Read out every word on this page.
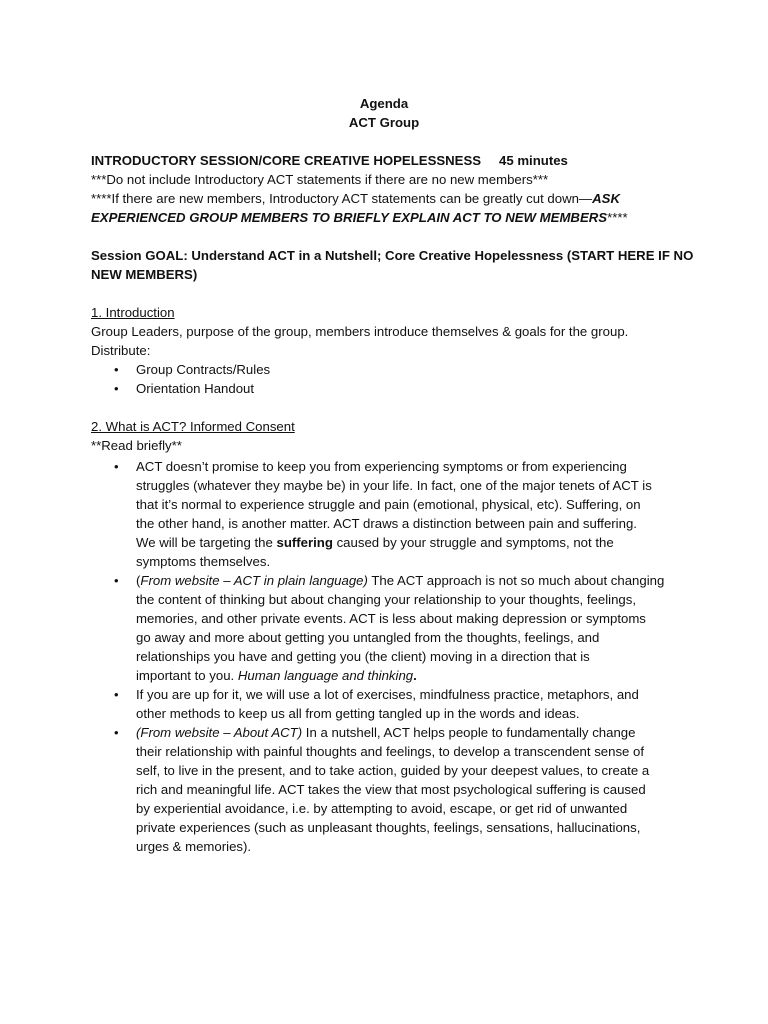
Agenda
ACT Group
INTRODUCTORY SESSION/CORE CREATIVE HOPELESSNESS 45 minutes
***Do not include Introductory ACT statements if there are no new members***
****If there are new members, Introductory ACT statements can be greatly cut down—ASK
EXPERIENCED GROUP MEMBERS TO BRIEFLY EXPLAIN ACT TO NEW MEMBERS****
Session GOAL: Understand ACT in a Nutshell; Core Creative Hopelessness (START HERE IF NO
NEW MEMBERS)
1. Introduction
Group Leaders, purpose of the group, members introduce themselves & goals for the group.
Distribute:
• Group Contracts/Rules
• Orientation Handout
2. What is ACT? Informed Consent
**Read briefly**
• ACT doesn’t promise to keep you from experiencing symptoms or from experiencing
struggles (whatever they maybe be) in your life. In fact, one of the major tenets of ACT is
that it’s normal to experience struggle and pain (emotional, physical, etc). Suffering, on
the other hand, is another matter. ACT draws a distinction between pain and suffering.
We will be targeting the suffering caused by your struggle and symptoms, not the
symptoms themselves.
• (From website – ACT in plain language) The ACT approach is not so much about changing
the content of thinking but about changing your relationship to your thoughts, feelings,
memories, and other private events. ACT is less about making depression or symptoms
go away and more about getting you untangled from the thoughts, feelings, and
relationships you have and getting you (the client) moving in a direction that is
important to you. Human language and thinking.
• If you are up for it, we will use a lot of exercises, mindfulness practice, metaphors, and
other methods to keep us all from getting tangled up in the words and ideas.
• (From website – About ACT) In a nutshell, ACT helps people to fundamentally change
their relationship with painful thoughts and feelings, to develop a transcendent sense of
self, to live in the present, and to take action, guided by your deepest values, to create a
rich and meaningful life. ACT takes the view that most psychological suffering is caused
by experiential avoidance, i.e. by attempting to avoid, escape, or get rid of unwanted
private experiences (such as unpleasant thoughts, feelings, sensations, hallucinations,
urges & memories).
